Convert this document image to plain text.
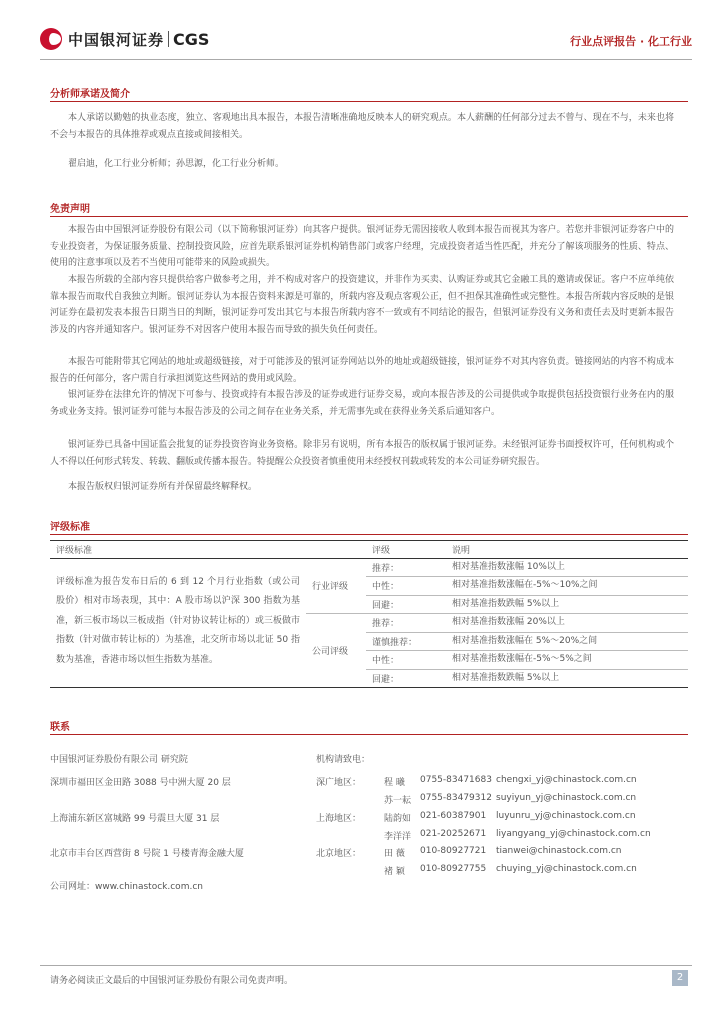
中国银河证券 CGS	行业点评报告 · 化工行业
分析师承诺及简介
本人承诺以勤勉的执业态度，独立、客观地出具本报告，本报告清晰准确地反映本人的研究观点。本人薪酬的任何部分过去不曾与、现在不与，未来也将不会与本报告的具体推荐或观点直接或间接相关。
翟启迪，化工行业分析师；孙思源，化工行业分析师。
免责声明
本报告由中国银河证券股份有限公司（以下简称银河证券）向其客户提供。银河证券无需因接收人收到本报告而视其为客户。若您并非银河证券客户中的专业投资者，为保证服务质量、控制投资风险，应首先联系银河证券机构销售部门或客户经理，完成投资者适当性匹配，并充分了解该项服务的性质、特点、使用的注意事项以及若不当使用可能带来的风险或损失。
本报告所载的全部内容只提供给客户做参考之用，并不构成对客户的投资建议，并非作为买卖、认购证券或其它金融工具的邀请或保证。客户不应单纯依靠本报告而取代自我独立判断。银河证券认为本报告资料来源是可靠的，所载内容及观点客观公正，但不担保其准确性或完整性。本报告所载内容反映的是银河证券在最初发表本报告日期当日的判断，银河证券可发出其它与本报告所载内容不一致或有不同结论的报告，但银河证券没有义务和责任去及时更新本报告涉及的内容并通知客户。银河证券不对因客户使用本报告而导致的损失负任何责任。
本报告可能附带其它网站的地址或超级链接，对于可能涉及的银河证券网站以外的地址或超级链接，银河证券不对其内容负责。链接网站的内容不构成本报告的任何部分，客户需自行承担浏览这些网站的费用或风险。
银河证券在法律允许的情况下可参与、投资或持有本报告涉及的证券或进行证券交易，或向本报告涉及的公司提供或争取提供包括投资银行业务在内的服务或业务支持。银河证券可能与本报告涉及的公司之间存在业务关系，并无需事先或在获得业务关系后通知客户。
银河证券已具备中国证监会批复的证券投资咨询业务资格。除非另有说明，所有本报告的版权属于银河证券。未经银河证券书面授权许可，任何机构或个人不得以任何形式转发、转载、翻版或传播本报告。特提醒公众投资者慎重使用未经授权刊载或转发的本公司证券研究报告。
本报告版权归银河证券所有并保留最终解释权。
评级标准
评级标准		评级	说明
评级标准为报告发布日后的 6 到 12 个月行业指数（或公司股价）相对市场表现，其中：A 股市场以沪深 300 指数为基准，新三板市场以三板成指（针对协议转让标的）或三板做市指数（针对做市转让标的）为基准，北交所市场以北证 50 指数为基准，香港市场以恒生指数为基准。	行业评级	推荐：	相对基准指数涨幅 10%以上
		中性：	相对基准指数涨幅在-5%～10%之间
		回避：	相对基准指数跌幅 5%以上
	公司评级	推荐：	相对基准指数涨幅 20%以上
		谨慎推荐：	相对基准指数涨幅在 5%～20%之间
		中性：	相对基准指数涨幅在-5%～5%之间
		回避：	相对基准指数跌幅 5%以上
联系
中国银河证券股份有限公司 研究院	机构请致电：
深圳市福田区金田路 3088 号中洲大厦 20 层	深广地区：	程 曦 0755-83471683 chengxi_yj@chinastock.com.cn
苏一耘 0755-83479312 suyiyun_yj@chinastock.com.cn
上海浦东新区富城路 99 号震旦大厦 31 层	上海地区：	陆韵如 021-60387901 luyunru_yj@chinastock.com.cn
李洋洋 021-20252671 liyangyang_yj@chinastock.com.cn
北京市丰台区西营街 8 号院 1 号楼青海金融大厦	北京地区：	田 薇 010-80927721 tianwei@chinastock.com.cn
褚 颖 010-80927755 chuying_yj@chinastock.com.cn
公司网址：www.chinastock.com.cn
请务必阅读正文最后的中国银河证券股份有限公司免责声明。	2
